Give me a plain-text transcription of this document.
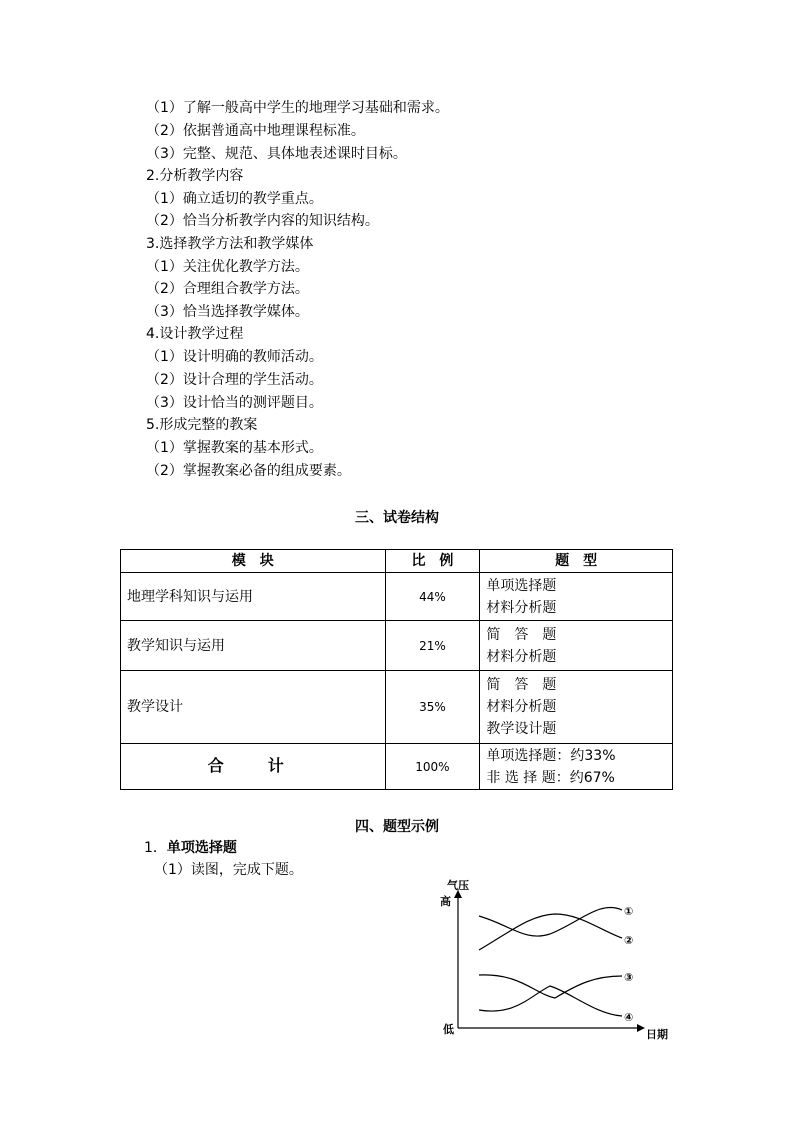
（1）了解一般高中学生的地理学习基础和需求。
（2）依据普通高中地理课程标准。
（3）完整、规范、具体地表述课时目标。
2.分析教学内容
（1）确立适切的教学重点。
（2）恰当分析教学内容的知识结构。
3.选择教学方法和教学媒体
（1）关注优化教学方法。
（2）合理组合教学方法。
（3）恰当选择教学媒体。
4.设计教学过程
（1）设计明确的教师活动。
（2）设计合理的学生活动。
（3）设计恰当的测评题目。
5.形成完整的教案
（1）掌握教案的基本形式。
（2）掌握教案必备的组成要素。
三、试卷结构
模　块	比　例	题　型
地理学科知识与运用	44%	单项选择题
材料分析题

教学知识与运用	21%	简　答　题
材料分析题

教学设计	35%	简　答　题
材料分析题
教学设计题

合　计	100%	单项选择题：约33%
非 选 择 题：约67%
四、题型示例
1．单项选择题
（1）读图，完成下题。
气压
高
低	日期
①
②
③
④
